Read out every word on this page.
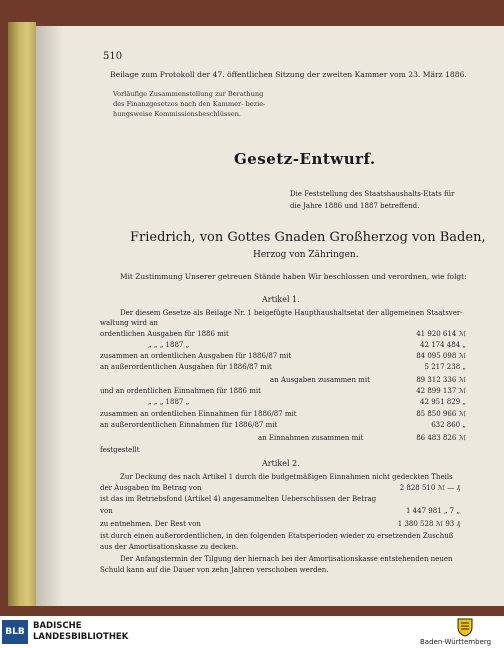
510
Beilage zum Protokoll der 47. öffentlichen Sitzung der zweiten Kammer vom 23. März 1886.
Vorläufige Zusammenstellung zur Berathung
des Finanzgesetzes nach den Kammer- bezie-
hungsweise Kommissionsbeschlüssen.
Gesetz-Entwurf.
Die Feststellung des Staatshaushalts-Etats für die Jahre 1886 und 1887 betreffend.
Friedrich, von Gottes Gnaden Großherzog von Baden,
Herzog von Zähringen.
Mit Zustimmung Unserer getreuen Stände haben Wir beschlossen und verordnen, wie folgt:
Artikel 1.
Der diesem Gesetze als Beilage Nr. 1 beigefügte Haupthaushaltsetat der allgemeinen Staatsver-
waltung wird an
ordentlichen Ausgaben für 1886 mit	41 920 614 ℳ
„ „ „ 1887 „	42 174 484 „
zusammen an ordentlichen Ausgaben für 1886/87 mit	84 095 098 ℳ
an außerordentlichen Ausgaben für 1886/87 mit	5 217 238 „
an Ausgaben zusammen mit	89 312 336 ℳ
und an ordentlichen Einnahmen für 1886 mit	42 899 137 ℳ
„ „ „ 1887 „	42 951 829 „
zusammen an ordentlichen Einnahmen für 1886/87 mit	85 850 966 ℳ
an außerordentlichen Einnahmen für 1886/87 mit	632 860 „
an Einnahmen zusammen mit	86 483 826 ℳ
festgestellt
Artikel 2.
Zur Deckung des nach Artikel 1 durch die budgetmäßigen Einnahmen nicht gedeckten Theils
der Ausgaben im Betrag von	2 828 510 ℳ — ₰
ist das im Betriebsfond (Artikel 4) angesammelten Ueberschüssen der Betrag
von	1 447 981 „ 7 „
zu entnehmen. Der Rest von	1 380 528 ℳ 93 ₰
ist durch einen außerordentlichen, in den folgenden Etatsperioden wieder zu ersetzenden Zuschuß
aus der Amortisationskasse zu decken.
Der Anfangstermin der Tilgung der hiernach bei der Amortisationskasse entstehenden neuen
Schuld kann auf die Dauer von zehn Jahren verschoben werden.
BLB
BADISCHE
LANDESBIBLIOTHEK	Baden-Württemberg
